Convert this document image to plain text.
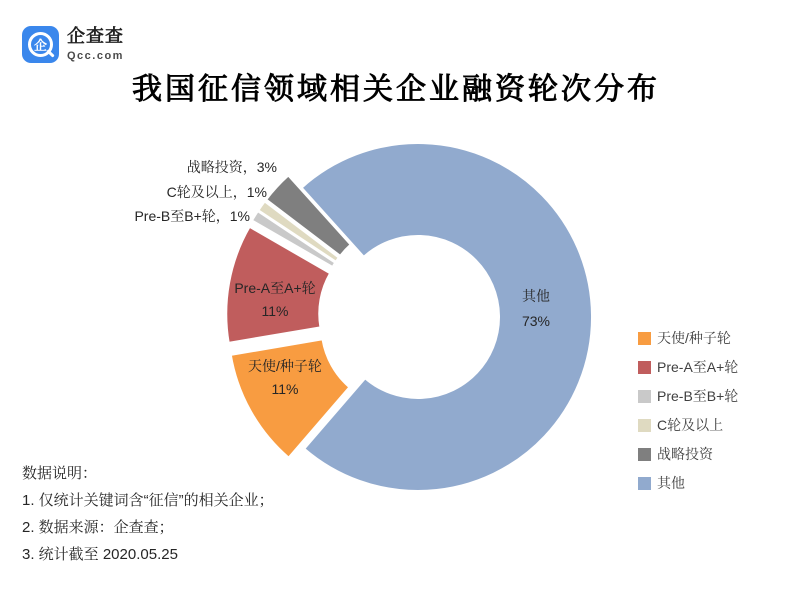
企	企查查
Qcc.com
我国征信领域相关企业融资轮次分布
天使/种子轮
11%
Pre-A至A+轮
11%
Pre-B至B+轮，1%
C轮及以上，1%
战略投资，3%
其他
73%
天使/种子轮
Pre-A至A+轮
Pre-B至B+轮
C轮及以上
战略投资
其他
数据说明：
1. 仅统计关键词含“征信”的相关企业；
2. 数据来源：企查查；
3. 统计截至 2020.05.25
